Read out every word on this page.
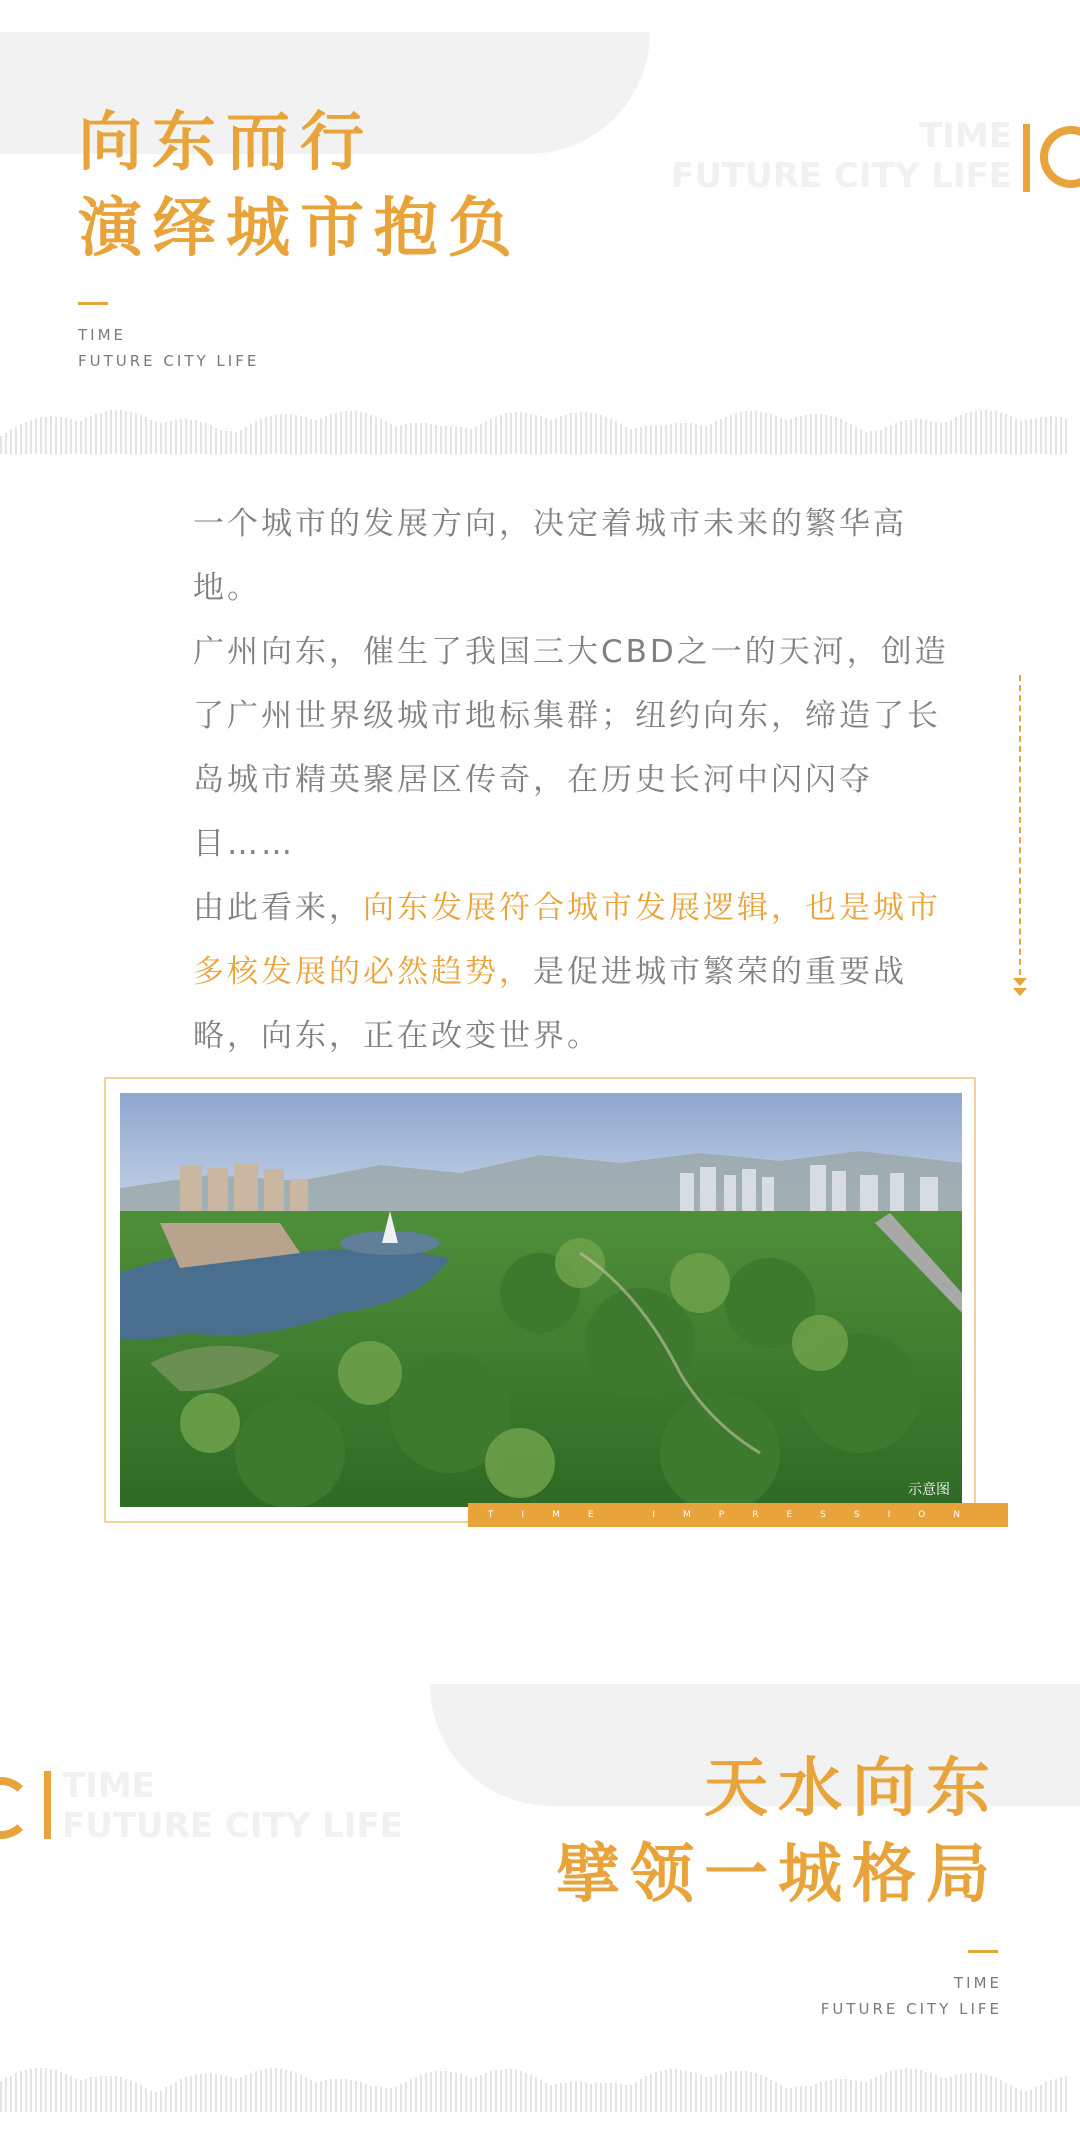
TIME
FUTURE CITY LIFE
向东而行
演绎城市抱负
TIME
FUTURE CITY LIFE

一个城市的发展方向，决定着城市未来的繁华高地。

广州向东，催生了我国三大CBD之一的天河，创造了广州世界级城市地标集群；纽约向东，缔造了长岛城市精英聚居区传奇，在历史长河中闪闪夺目……

由此看来，向东发展符合城市发展逻辑，也是城市多核发展的必然趋势，是促进城市繁荣的重要战略，向东，正在改变世界。

示意图
TIME IMPRESSION
TIME
FUTURE CITY LIFE	天水向东
擘领一城格局
TIME
FUTURE CITY LIFE
